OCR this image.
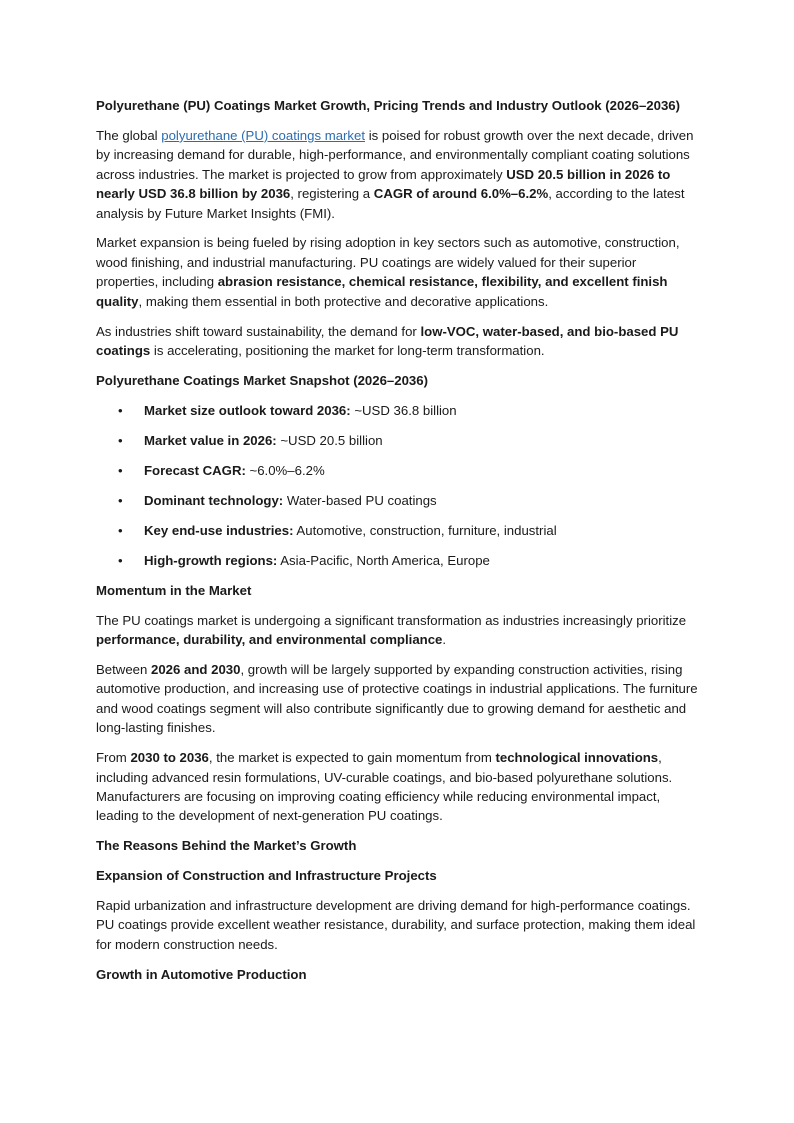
Polyurethane (PU) Coatings Market Growth, Pricing Trends and Industry Outlook (2026–2036)

The global polyurethane (PU) coatings market is poised for robust growth over the next decade, driven by increasing demand for durable, high-performance, and environmentally compliant coating solutions across industries. The market is projected to grow from approximately USD 20.5 billion in 2026 to nearly USD 36.8 billion by 2036, registering a CAGR of around 6.0%–6.2%, according to the latest analysis by Future Market Insights (FMI).

Market expansion is being fueled by rising adoption in key sectors such as automotive, construction, wood finishing, and industrial manufacturing. PU coatings are widely valued for their superior properties, including abrasion resistance, chemical resistance, flexibility, and excellent finish quality, making them essential in both protective and decorative applications.

As industries shift toward sustainability, the demand for low-VOC, water-based, and bio-based PU coatings is accelerating, positioning the market for long-term transformation.

Polyurethane Coatings Market Snapshot (2026–2036)

• Market size outlook toward 2036: ~USD 36.8 billion
• Market value in 2026: ~USD 20.5 billion
• Forecast CAGR: ~6.0%–6.2%
• Dominant technology: Water-based PU coatings
• Key end-use industries: Automotive, construction, furniture, industrial
• High-growth regions: Asia-Pacific, North America, Europe

Momentum in the Market

The PU coatings market is undergoing a significant transformation as industries increasingly prioritize performance, durability, and environmental compliance.

Between 2026 and 2030, growth will be largely supported by expanding construction activities, rising automotive production, and increasing use of protective coatings in industrial applications. The furniture and wood coatings segment will also contribute significantly due to growing demand for aesthetic and long-lasting finishes.

From 2030 to 2036, the market is expected to gain momentum from technological innovations, including advanced resin formulations, UV-curable coatings, and bio-based polyurethane solutions. Manufacturers are focusing on improving coating efficiency while reducing environmental impact, leading to the development of next-generation PU coatings.

The Reasons Behind the Market’s Growth

Expansion of Construction and Infrastructure Projects

Rapid urbanization and infrastructure development are driving demand for high-performance coatings. PU coatings provide excellent weather resistance, durability, and surface protection, making them ideal for modern construction needs.

Growth in Automotive Production
